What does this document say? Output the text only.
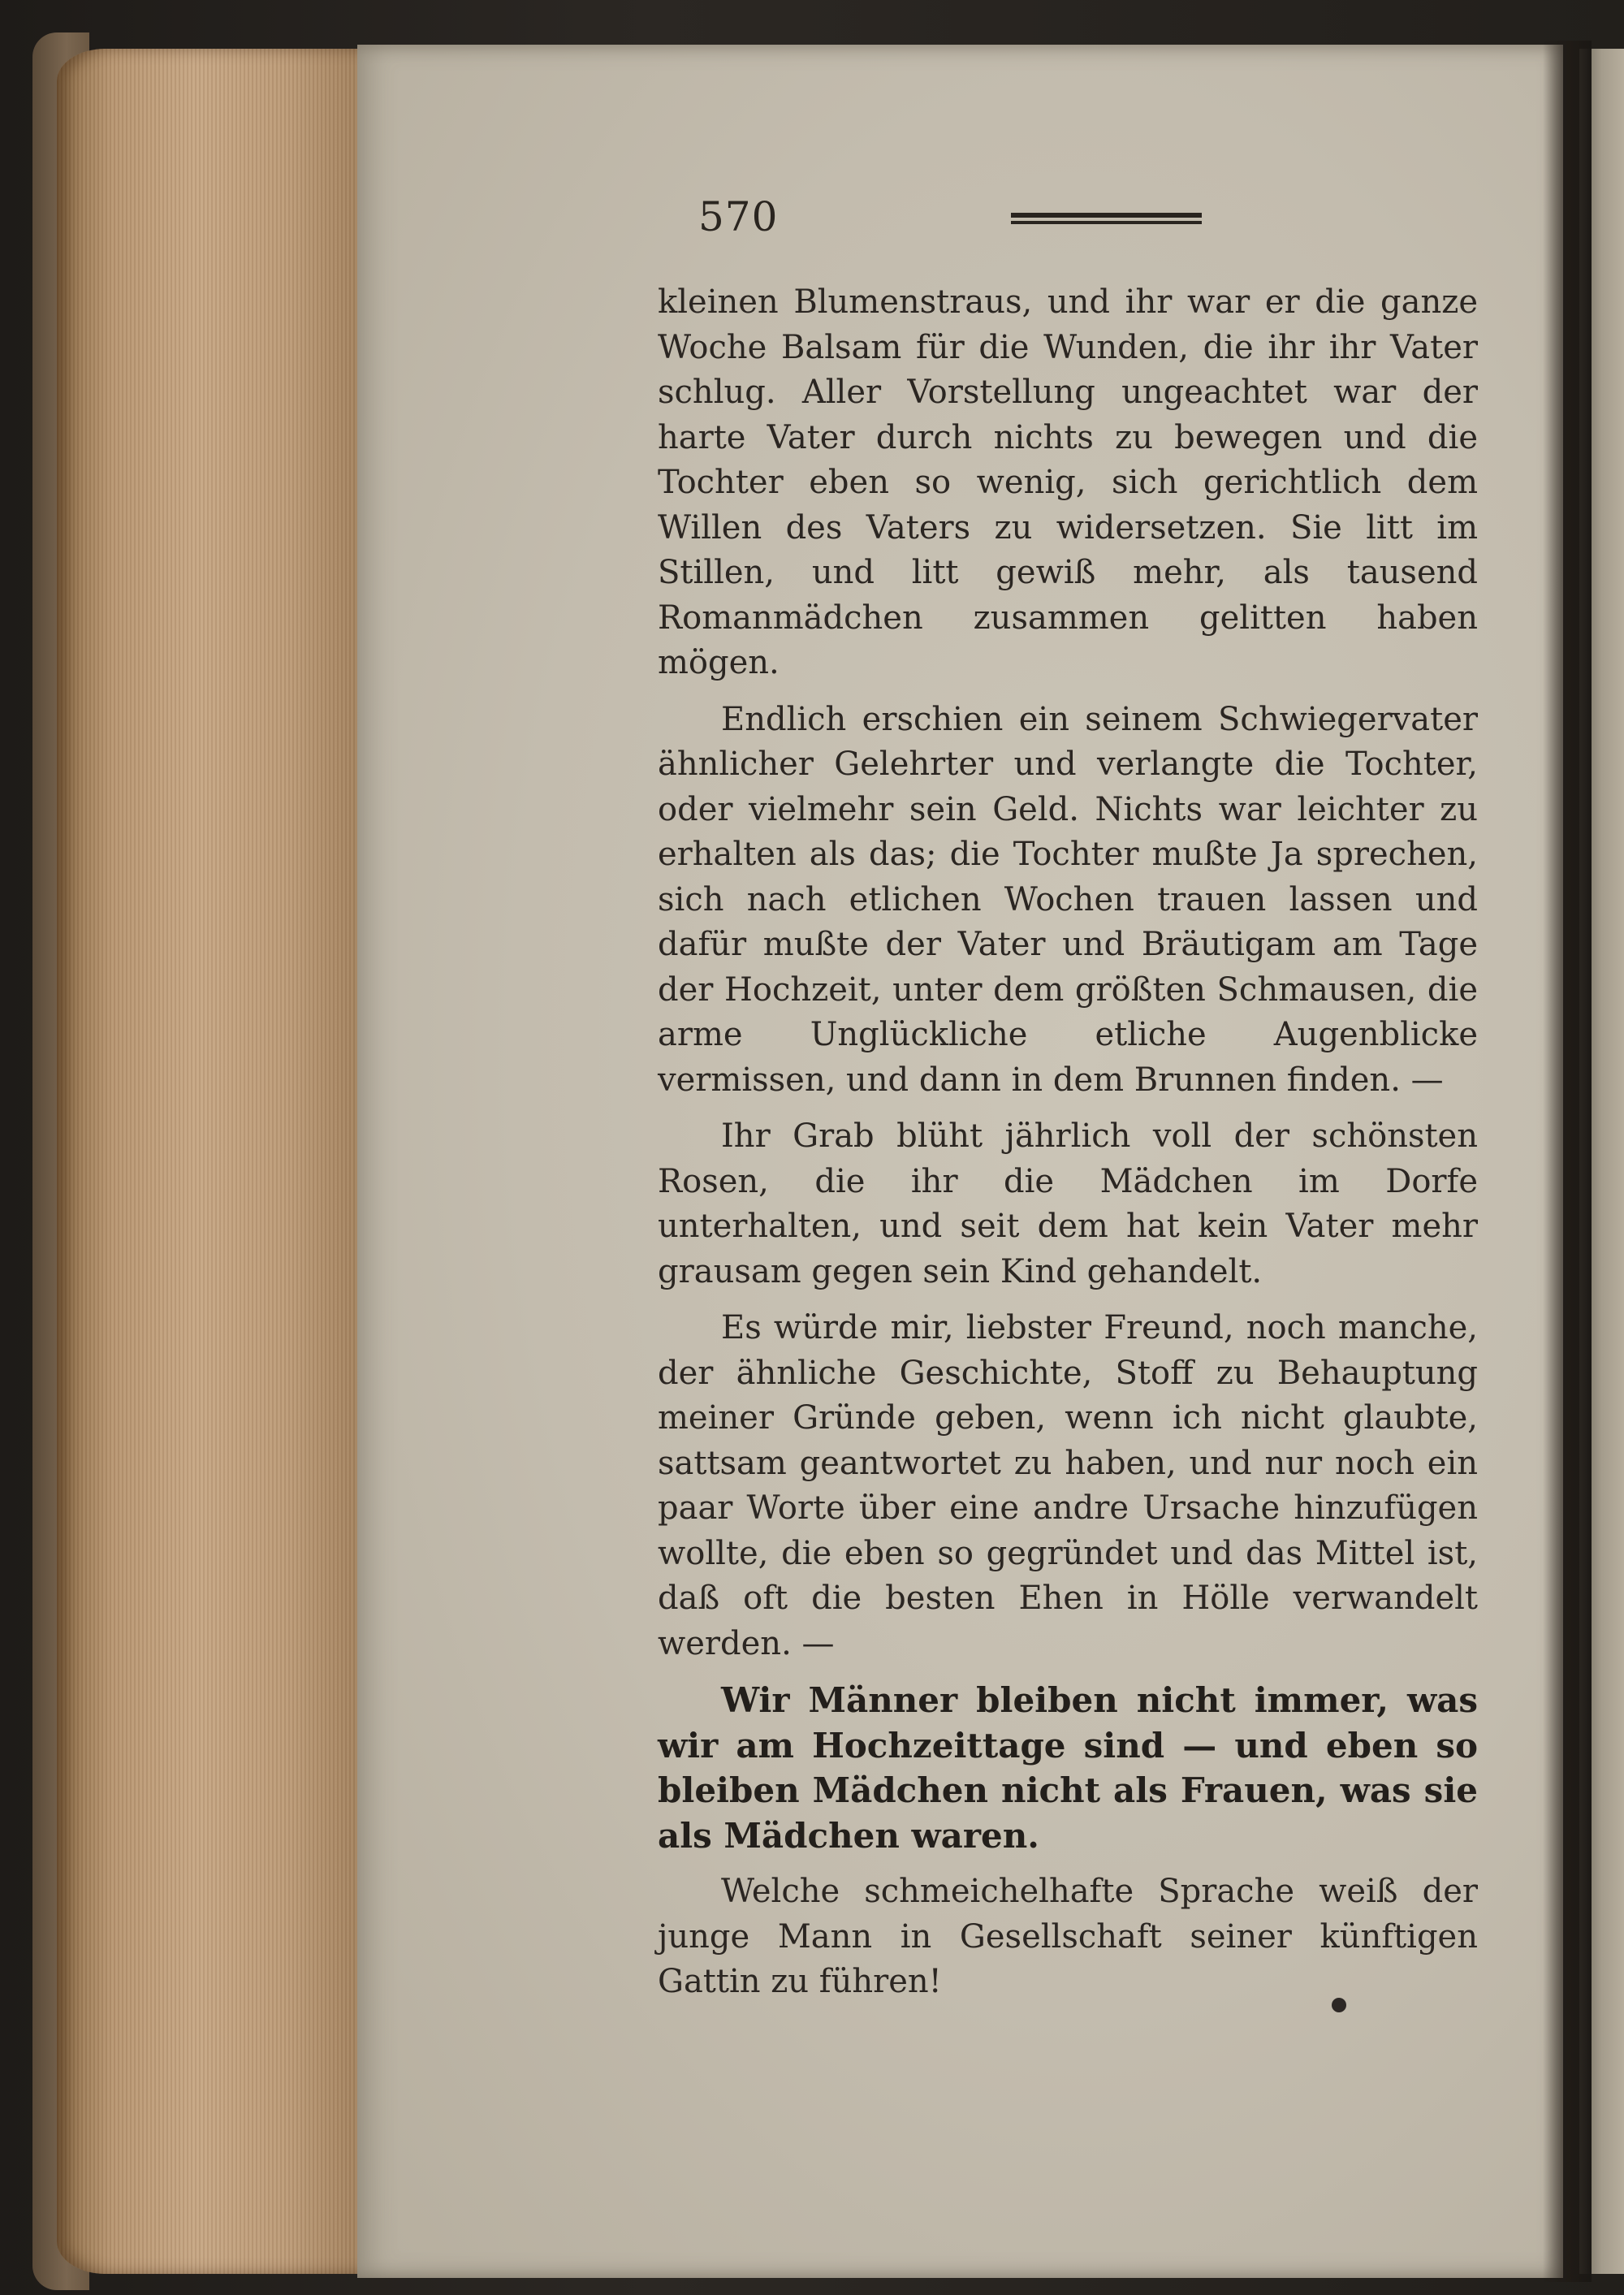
570

kleinen Blumenstraus, und ihr war er die ganze Woche Balsam für die Wunden, die ihr ihr Vater schlug. Aller Vorstellung ungeachtet war der harte Vater durch nichts zu bewegen und die Tochter eben so wenig, sich gerichtlich dem Willen des Vaters zu widersetzen. Sie litt im Stillen, und litt gewiß mehr, als tausend Romanmädchen zusammen gelitten haben mögen.

Endlich erschien ein seinem Schwiegervater ähnlicher Gelehrter und verlangte die Tochter, oder vielmehr sein Geld. Nichts war leichter zu erhalten als das; die Tochter mußte Ja sprechen, sich nach etlichen Wochen trauen lassen und dafür mußte der Vater und Bräutigam am Tage der Hochzeit, unter dem größten Schmausen, die arme Unglückliche etliche Augenblicke vermissen, und dann in dem Brunnen finden. —

Ihr Grab blüht jährlich voll der schönsten Rosen, die ihr die Mädchen im Dorfe unterhalten, und seit dem hat kein Vater mehr grausam gegen sein Kind gehandelt.

Es würde mir, liebster Freund, noch manche, der ähnliche Geschichte, Stoff zu Behauptung meiner Gründe geben, wenn ich nicht glaubte, sattsam geantwortet zu haben, und nur noch ein paar Worte über eine andre Ursache hinzufügen wollte, die eben so gegründet und das Mittel ist, daß oft die besten Ehen in Hölle verwandelt werden. —

Wir Männer bleiben nicht immer, was wir am Hochzeittage sind — und eben so bleiben Mädchen nicht als Frauen, was sie als Mädchen waren.

Welche schmeichelhafte Sprache weiß der junge Mann in Gesellschaft seiner künftigen Gattin zu führen!
